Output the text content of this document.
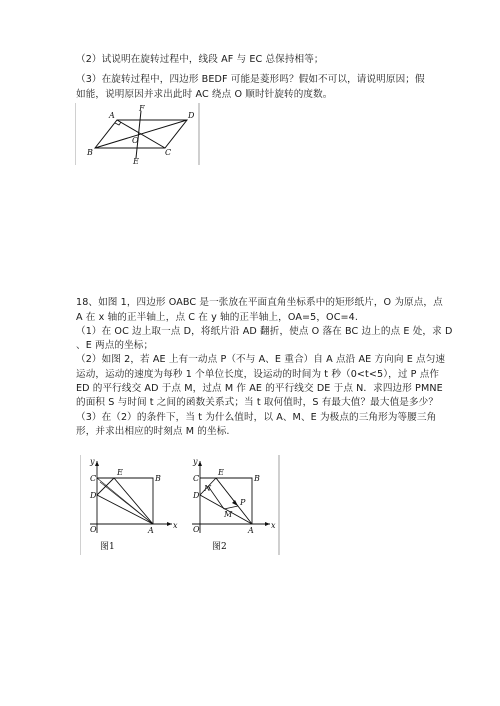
（2）试说明在旋转过程中，线段 AF 与 EC 总保持相等；
（3）在旋转过程中，四边形 BEDF 可能是菱形吗？假如不可以，请说明原因；假
如能，说明原因并求出此时 AC 绕点 O 顺时针旋转的度数。
A
F
D
B
O
C
E
18、如图 1，四边形 OABC 是一张放在平面直角坐标系中的矩形纸片，O 为原点，点
A 在 x 轴的正半轴上，点 C 在 y 轴的正半轴上，OA=5，OC=4.
（1）在 OC 边上取一点 D，将纸片沿 AD 翻折，使点 O 落在 BC 边上的点 E 处，求 D
、E 两点的坐标；
（2）如图 2，若 AE 上有一动点 P（不与 A、E 重合）自 A 点沿 AE 方向向 E 点匀速
运动，运动的速度为每秒 1 个单位长度，设运动的时间为 t 秒（0<t<5），过 P 点作
ED 的平行线交 AD 于点 M，过点 M 作 AE 的平行线交 DE 于点 N．求四边形 PMNE
的面积 S 与时间 t 之间的函数关系式；当 t 取何值时，S 有最大值？最大值是多少？
（3）在（2）的条件下，当 t 为什么值时，以 A、M、E 为极点的三角形为等腰三角
形，并求出相应的时刻点 M 的坐标.
y
C
E
B
D
O	A
x
图1
y
C
E
B
D
N
P
M
O	A
x
图2
